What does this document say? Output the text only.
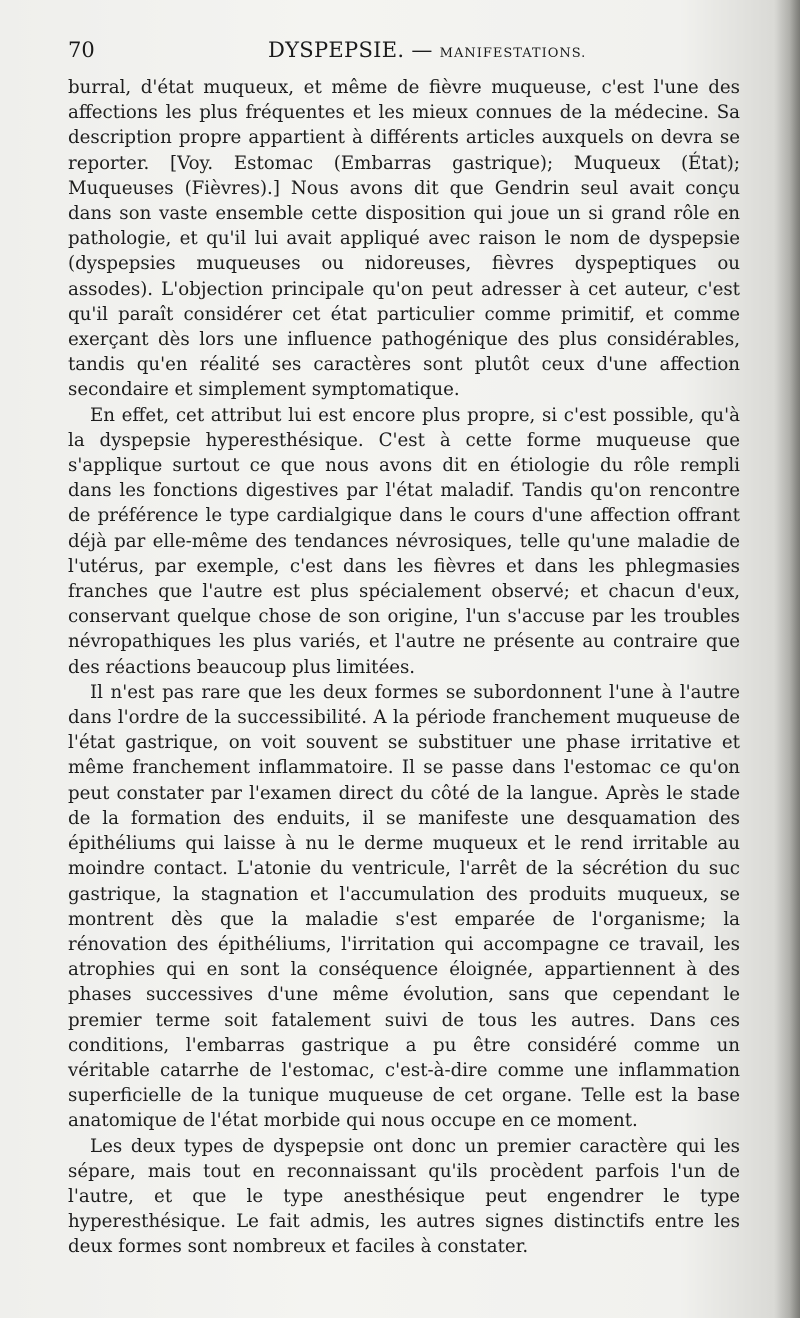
70	DYSPEPSIE. — MANIFESTATIONS.

burral, d'état muqueux, et même de fièvre muqueuse, c'est l'une des affections les plus fréquentes et les mieux connues de la médecine. Sa description propre appartient à différents articles auxquels on devra se reporter. [Voy. Estomac (Embarras gastrique); Muqueux (État); Muqueuses (Fièvres).] Nous avons dit que Gendrin seul avait conçu dans son vaste ensemble cette disposition qui joue un si grand rôle en pathologie, et qu'il lui avait appliqué avec raison le nom de dyspepsie (dyspepsies muqueuses ou nidoreuses, fièvres dyspeptiques ou assodes). L'objection principale qu'on peut adresser à cet auteur, c'est qu'il paraît considérer cet état particulier comme primitif, et comme exerçant dès lors une influence pathogénique des plus considérables, tandis qu'en réalité ses caractères sont plutôt ceux d'une affection secondaire et simplement symptomatique.

En effet, cet attribut lui est encore plus propre, si c'est possible, qu'à la dyspepsie hyperesthésique. C'est à cette forme muqueuse que s'applique surtout ce que nous avons dit en étiologie du rôle rempli dans les fonctions digestives par l'état maladif. Tandis qu'on rencontre de préférence le type cardialgique dans le cours d'une affection offrant déjà par elle-même des tendances névrosiques, telle qu'une maladie de l'utérus, par exemple, c'est dans les fièvres et dans les phlegmasies franches que l'autre est plus spécialement observé; et chacun d'eux, conservant quelque chose de son origine, l'un s'accuse par les troubles névropathiques les plus variés, et l'autre ne présente au contraire que des réactions beaucoup plus limitées.

Il n'est pas rare que les deux formes se subordonnent l'une à l'autre dans l'ordre de la successibilité. A la période franchement muqueuse de l'état gastrique, on voit souvent se substituer une phase irritative et même franchement inflammatoire. Il se passe dans l'estomac ce qu'on peut constater par l'examen direct du côté de la langue. Après le stade de la formation des enduits, il se manifeste une desquamation des épithéliums qui laisse à nu le derme muqueux et le rend irritable au moindre contact. L'atonie du ventricule, l'arrêt de la sécrétion du suc gastrique, la stagnation et l'accumulation des produits muqueux, se montrent dès que la maladie s'est emparée de l'organisme; la rénovation des épithéliums, l'irritation qui accompagne ce travail, les atrophies qui en sont la conséquence éloignée, appartiennent à des phases successives d'une même évolution, sans que cependant le premier terme soit fatalement suivi de tous les autres. Dans ces conditions, l'embarras gastrique a pu être considéré comme un véritable catarrhe de l'estomac, c'est-à-dire comme une inflammation superficielle de la tunique muqueuse de cet organe. Telle est la base anatomique de l'état morbide qui nous occupe en ce moment.

Les deux types de dyspepsie ont donc un premier caractère qui les sépare, mais tout en reconnaissant qu'ils procèdent parfois l'un de l'autre, et que le type anesthésique peut engendrer le type hyperesthésique. Le fait admis, les autres signes distinctifs entre les deux formes sont nombreux et faciles à constater.
